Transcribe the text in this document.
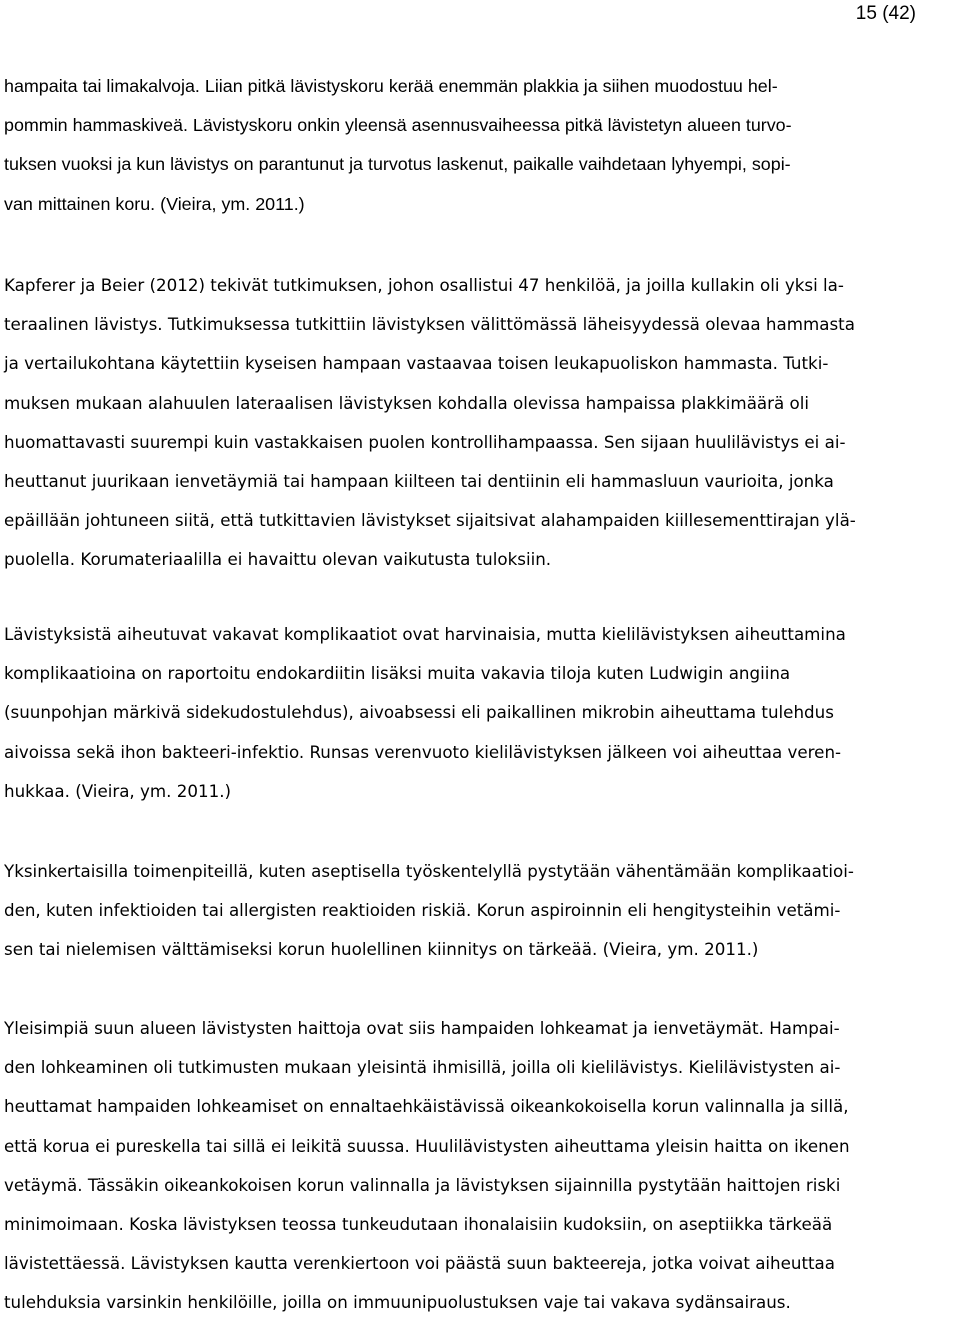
15 (42)
hampaita tai limakalvoja. Liian pitkä lävistyskoru kerää enemmän plakkia ja siihen muodostuu hel-
pommin hammaskiveä. Lävistyskoru onkin yleensä asennusvaiheessa pitkä lävistetyn alueen turvo-
tuksen vuoksi ja kun lävistys on parantunut ja turvotus laskenut, paikalle vaihdetaan lyhyempi, sopi-
van mittainen koru. (Vieira, ym. 2011.)
Kapferer ja Beier (2012) tekivät tutkimuksen, johon osallistui 47 henkilöä, ja joilla kullakin oli yksi la-
teraalinen lävistys. Tutkimuksessa tutkittiin lävistyksen välittömässä läheisyydessä olevaa hammasta
ja vertailukohtana käytettiin kyseisen hampaan vastaavaa toisen leukapuoliskon hammasta. Tutki-
muksen mukaan alahuulen lateraalisen lävistyksen kohdalla olevissa hampaissa plakkimäärä oli
huomattavasti suurempi kuin vastakkaisen puolen kontrollihampaassa. Sen sijaan huulilävistys ei ai-
heuttanut juurikaan ienvetäymiä tai hampaan kiilteen tai dentiinin eli hammasluun vaurioita, jonka
epäillään johtuneen siitä, että tutkittavien lävistykset sijaitsivat alahampaiden kiillesementtirajan ylä-
puolella. Korumateriaalilla ei havaittu olevan vaikutusta tuloksiin.
Lävistyksistä aiheutuvat vakavat komplikaatiot ovat harvinaisia, mutta kielilävistyksen aiheuttamina
komplikaatioina on raportoitu endokardiitin lisäksi muita vakavia tiloja kuten Ludwigin angiina
(suunpohjan märkivä sidekudostulehdus), aivoabsessi eli paikallinen mikrobin aiheuttama tulehdus
aivoissa sekä ihon bakteeri-infektio. Runsas verenvuoto kielilävistyksen jälkeen voi aiheuttaa veren-
hukkaa. (Vieira, ym. 2011.)
Yksinkertaisilla toimenpiteillä, kuten aseptisella työskentelyllä pystytään vähentämään komplikaatioi-
den, kuten infektioiden tai allergisten reaktioiden riskiä. Korun aspiroinnin eli hengitysteihin vetämi-
sen tai nielemisen välttämiseksi korun huolellinen kiinnitys on tärkeää. (Vieira, ym. 2011.)
Yleisimpiä suun alueen lävistysten haittoja ovat siis hampaiden lohkeamat ja ienvetäymät. Hampai-
den lohkeaminen oli tutkimusten mukaan yleisintä ihmisillä, joilla oli kielilävistys. Kielilävistysten ai-
heuttamat hampaiden lohkeamiset on ennaltaehkäistävissä oikeankokoisella korun valinnalla ja sillä,
että korua ei pureskella tai sillä ei leikitä suussa. Huulilävistysten aiheuttama yleisin haitta on ikenen
vetäymä. Tässäkin oikeankokoisen korun valinnalla ja lävistyksen sijainnilla pystytään haittojen riski
minimoimaan. Koska lävistyksen teossa tunkeudutaan ihonalaisiin kudoksiin, on aseptiikka tärkeää
lävistettäessä. Lävistyksen kautta verenkiertoon voi päästä suun bakteereja, jotka voivat aiheuttaa
tulehduksia varsinkin henkilöille, joilla on immuunipuolustuksen vaje tai vakava sydänsairaus.
